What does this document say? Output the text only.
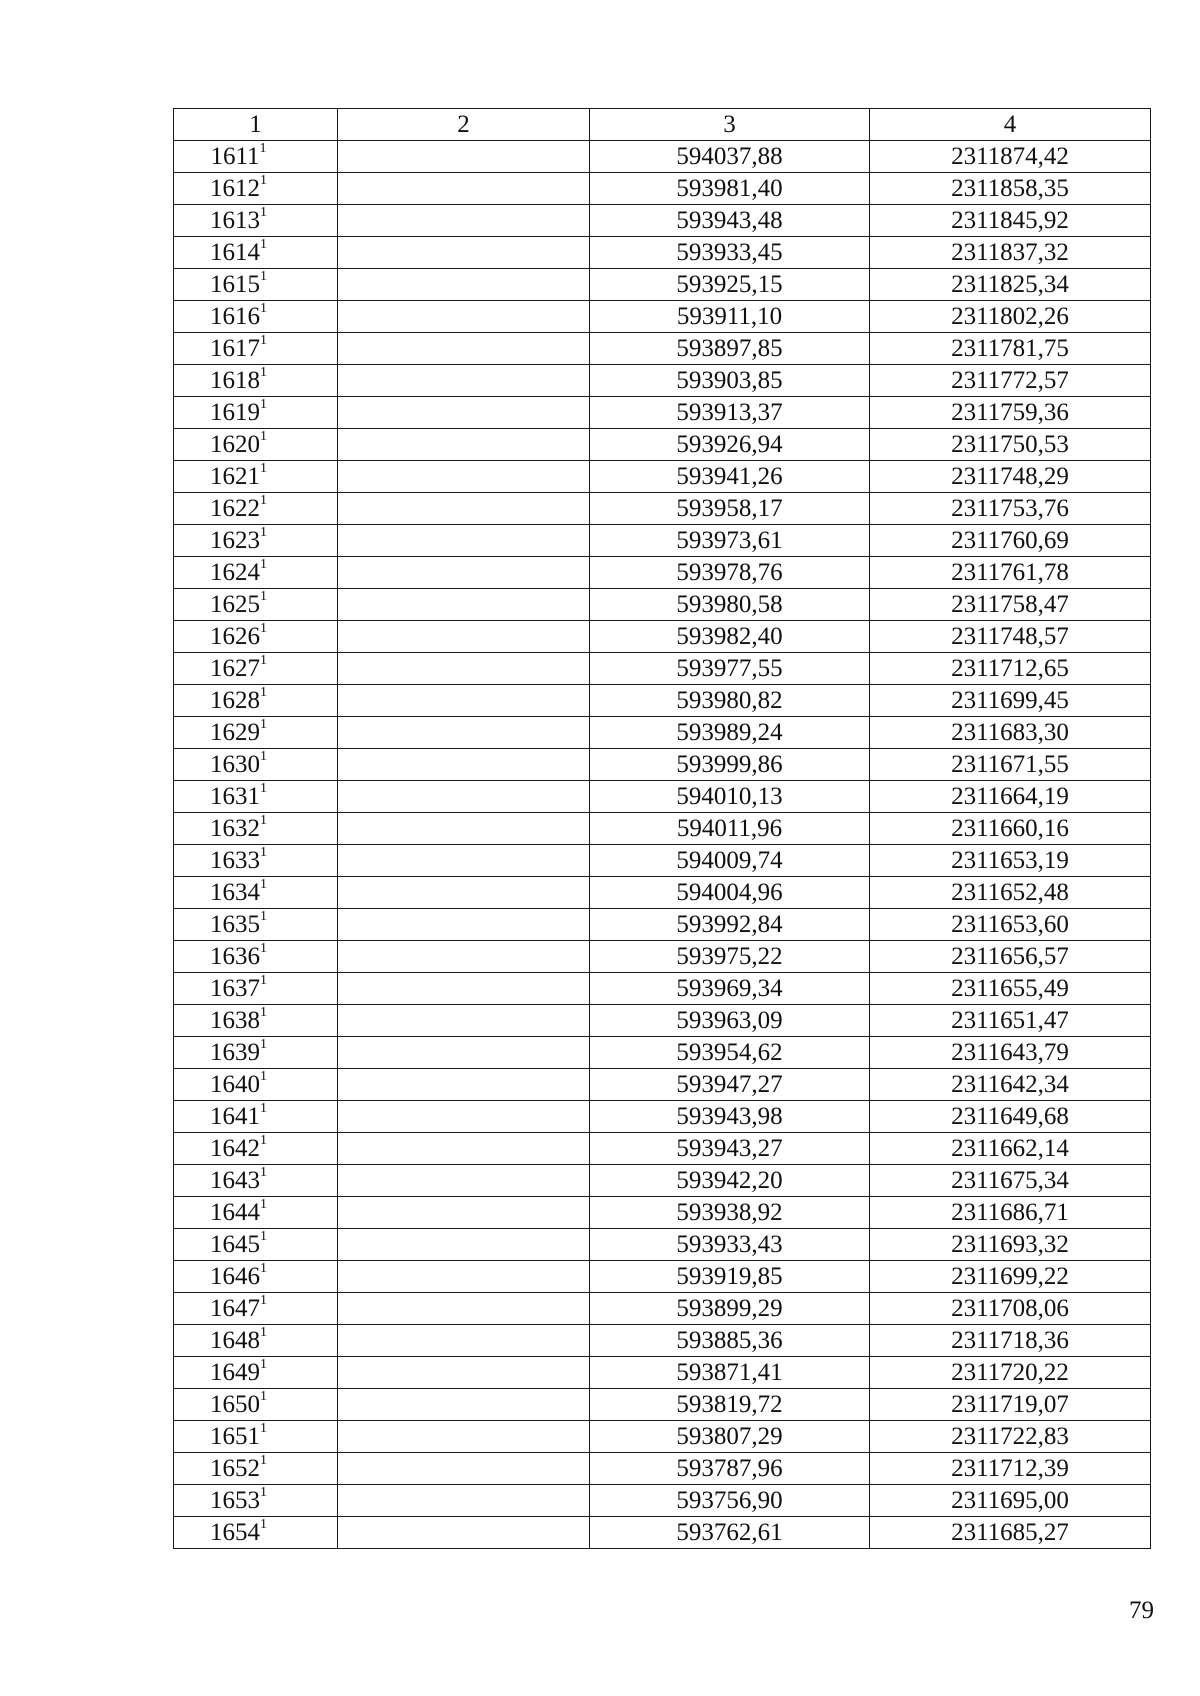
1	2	3	4
1611$^1$		594037,88	2311874,42
1612$^1$		593981,40	2311858,35
1613$^1$		593943,48	2311845,92
1614$^1$		593933,45	2311837,32
1615$^1$		593925,15	2311825,34
1616$^1$		593911,10	2311802,26
1617$^1$		593897,85	2311781,75
1618$^1$		593903,85	2311772,57
1619$^1$		593913,37	2311759,36
1620$^1$		593926,94	2311750,53
1621$^1$		593941,26	2311748,29
1622$^1$		593958,17	2311753,76
1623$^1$		593973,61	2311760,69
1624$^1$		593978,76	2311761,78
1625$^1$		593980,58	2311758,47
1626$^1$		593982,40	2311748,57
1627$^1$		593977,55	2311712,65
1628$^1$		593980,82	2311699,45
1629$^1$		593989,24	2311683,30
1630$^1$		593999,86	2311671,55
1631$^1$		594010,13	2311664,19
1632$^1$		594011,96	2311660,16
1633$^1$		594009,74	2311653,19
1634$^1$		594004,96	2311652,48
1635$^1$		593992,84	2311653,60
1636$^1$		593975,22	2311656,57
1637$^1$		593969,34	2311655,49
1638$^1$		593963,09	2311651,47
1639$^1$		593954,62	2311643,79
1640$^1$		593947,27	2311642,34
1641$^1$		593943,98	2311649,68
1642$^1$		593943,27	2311662,14
1643$^1$		593942,20	2311675,34
1644$^1$		593938,92	2311686,71
1645$^1$		593933,43	2311693,32
1646$^1$		593919,85	2311699,22
1647$^1$		593899,29	2311708,06
1648$^1$		593885,36	2311718,36
1649$^1$		593871,41	2311720,22
1650$^1$		593819,72	2311719,07
1651$^1$		593807,29	2311722,83
1652$^1$		593787,96	2311712,39
1653$^1$		593756,90	2311695,00
1654$^1$		593762,61	2311685,27
79
